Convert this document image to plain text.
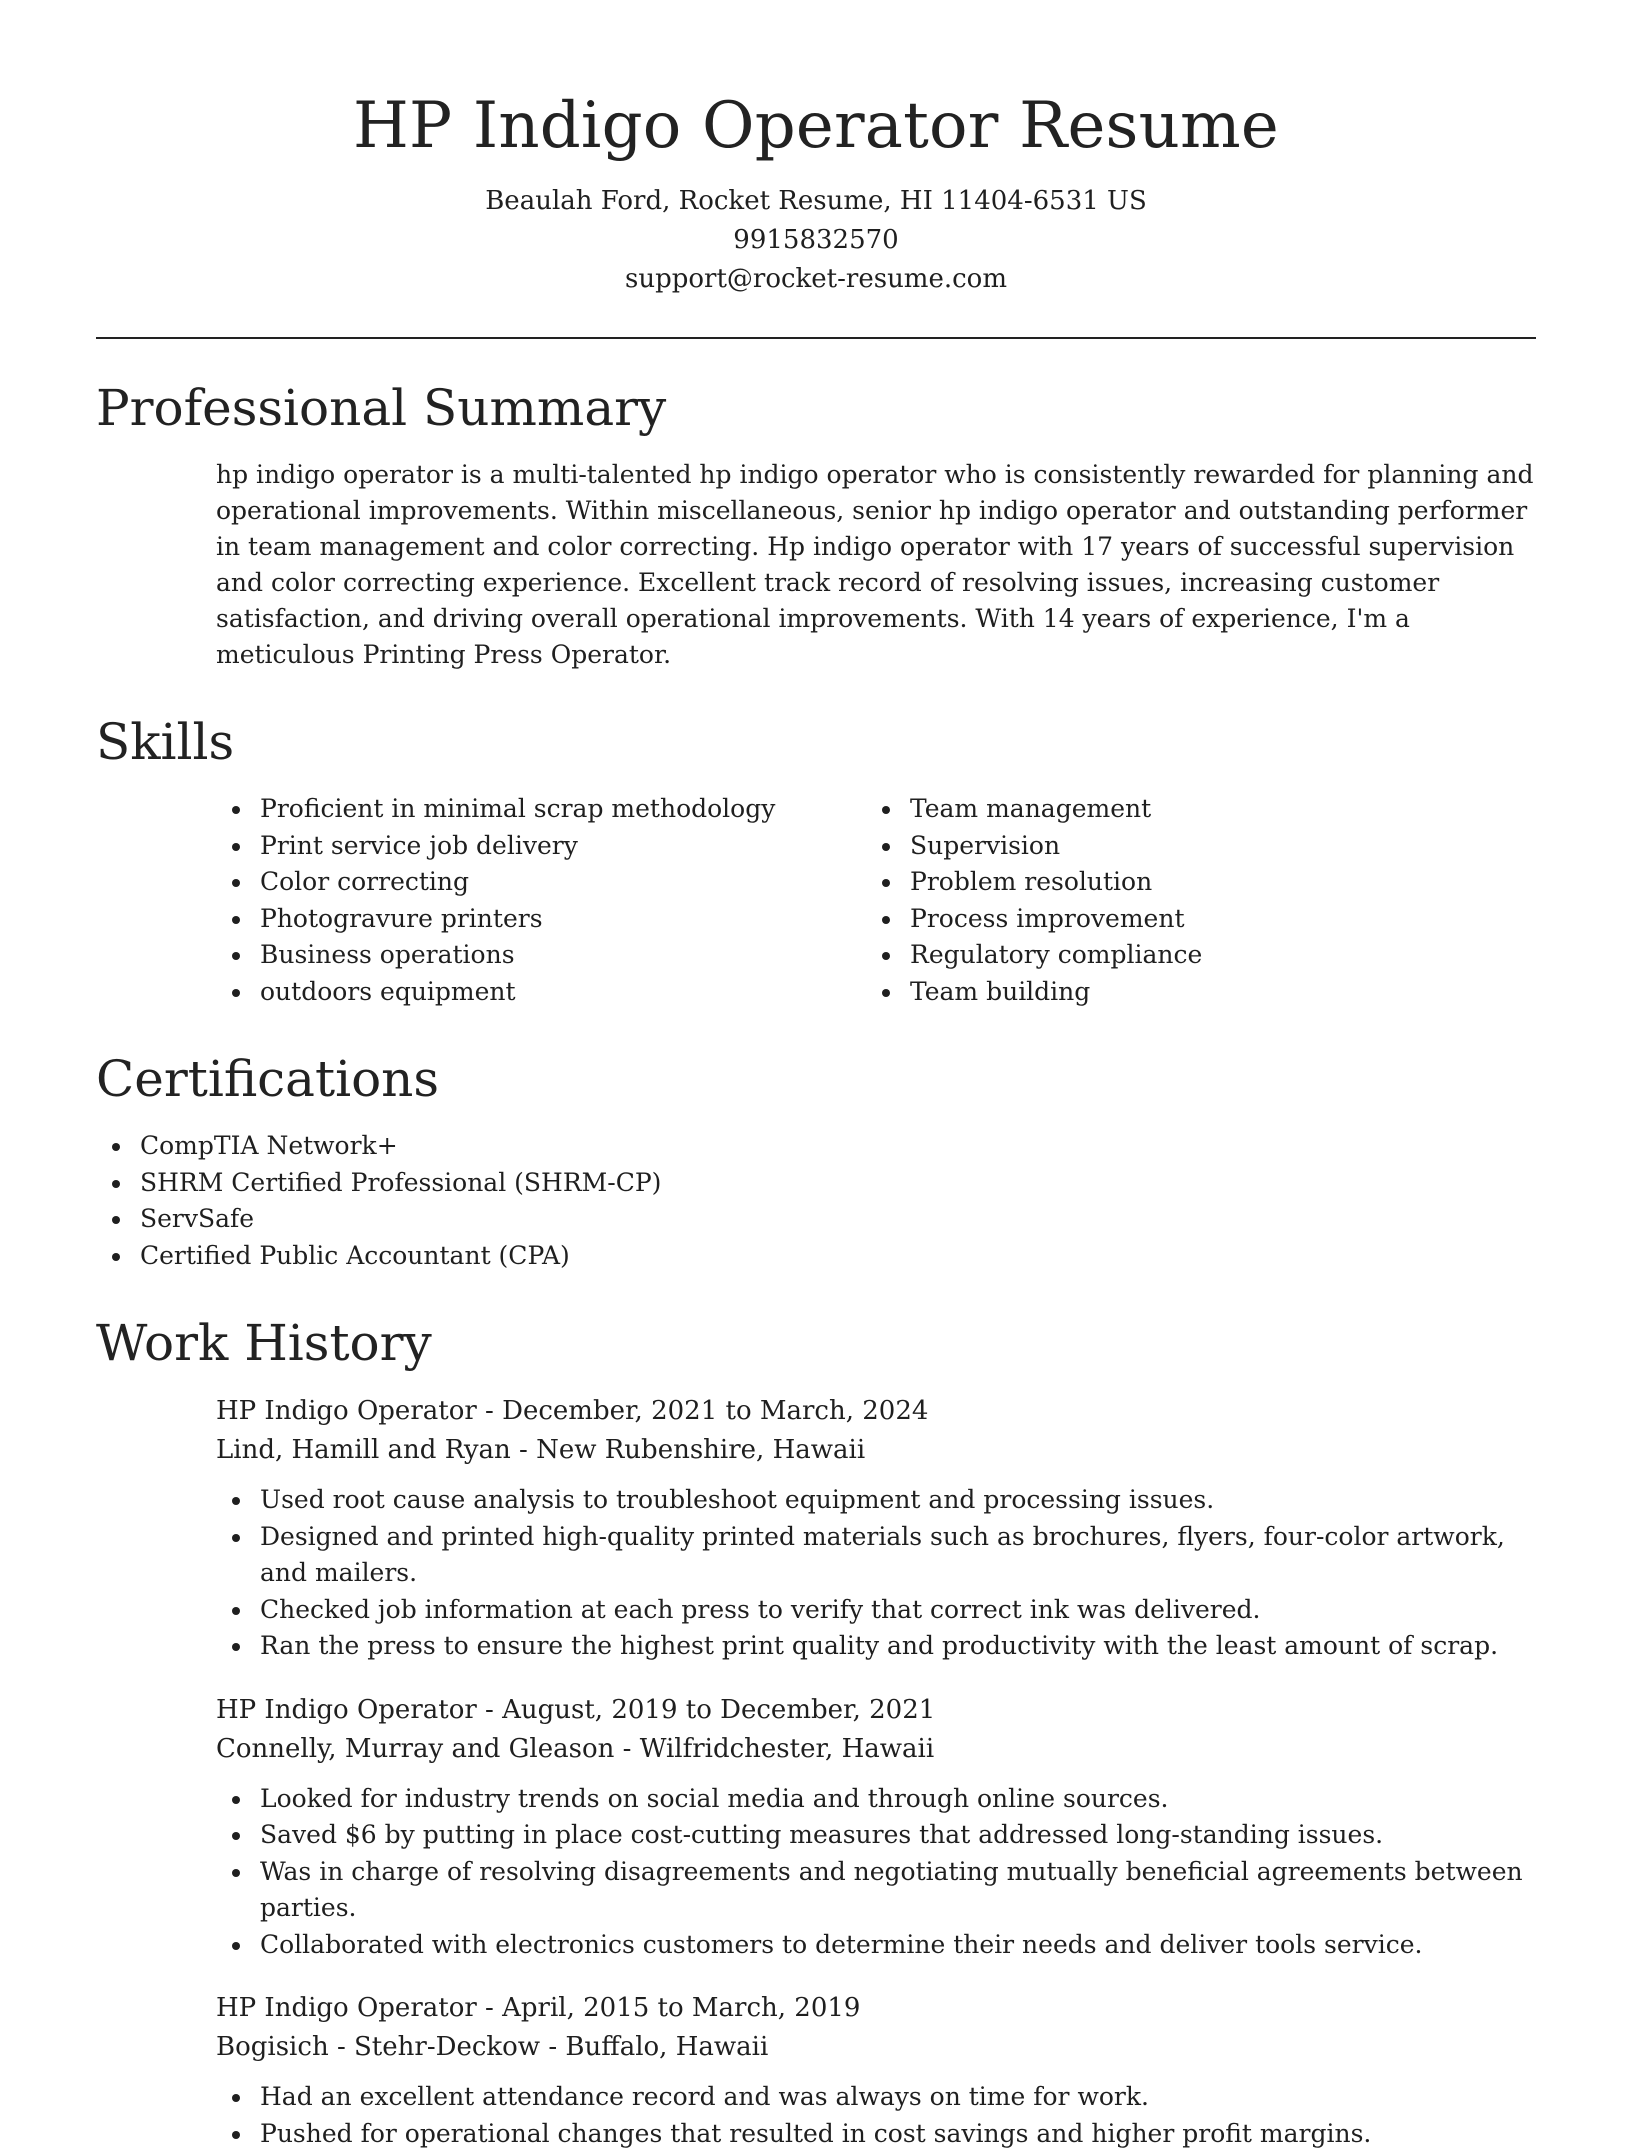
HP Indigo Operator Resume
Beaulah Ford, Rocket Resume, HI 11404-6531 US
9915832570
support@rocket-resume.com
Professional Summary

hp indigo operator is a multi-talented hp indigo operator who is consistently rewarded for planning and operational improvements. Within miscellaneous, senior hp indigo operator and outstanding performer in team management and color correcting. Hp indigo operator with 17 years of successful supervision and color correcting experience. Excellent track record of resolving issues, increasing customer satisfaction, and driving overall operational improvements. With 14 years of experience, I'm a meticulous Printing Press Operator.

Skills
Proficient in minimal scrap methodology
Print service job delivery
Color correcting
Photogravure printers
Business operations
outdoors equipment
Team management
Supervision
Problem resolution
Process improvement
Regulatory compliance
Team building
Certifications
CompTIA Network+
SHRM Certified Professional (SHRM-CP)
ServSafe
Certified Public Accountant (CPA)
Work History
HP Indigo Operator - December, 2021 to March, 2024
Lind, Hamill and Ryan - New Rubenshire, Hawaii
Used root cause analysis to troubleshoot equipment and processing issues.
Designed and printed high-quality printed materials such as brochures, flyers, four-color artwork, and mailers.
Checked job information at each press to verify that correct ink was delivered.
Ran the press to ensure the highest print quality and productivity with the least amount of scrap.
HP Indigo Operator - August, 2019 to December, 2021
Connelly, Murray and Gleason - Wilfridchester, Hawaii
Looked for industry trends on social media and through online sources.
Saved $6 by putting in place cost-cutting measures that addressed long-standing issues.
Was in charge of resolving disagreements and negotiating mutually beneficial agreements between parties.
Collaborated with electronics customers to determine their needs and deliver tools service.
HP Indigo Operator - April, 2015 to March, 2019
Bogisich - Stehr-Deckow - Buffalo, Hawaii
Had an excellent attendance record and was always on time for work.
Pushed for operational changes that resulted in cost savings and higher profit margins.
